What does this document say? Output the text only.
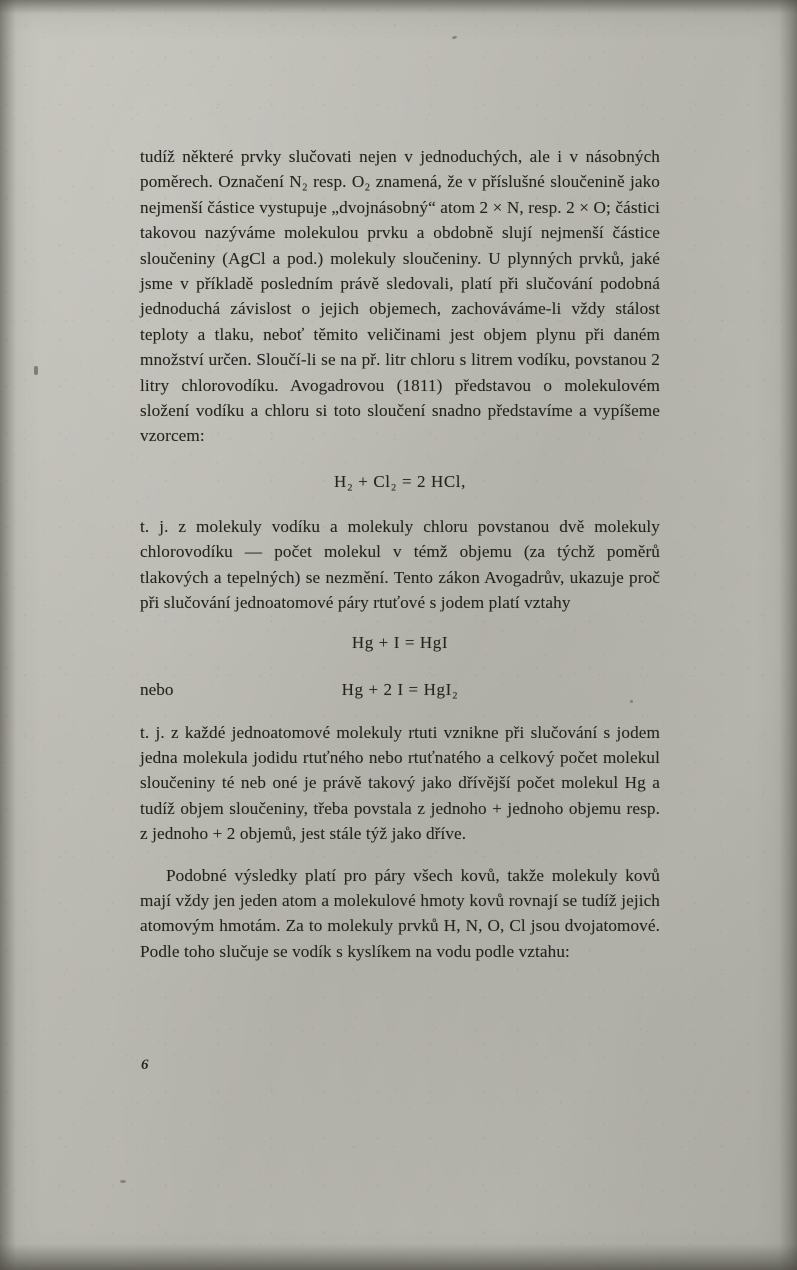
tudíž některé prvky slučovati nejen v jednoduchých, ale i v násobných poměrech. Označení N₂ resp. O₂ znamená, že v příslušné sloučenině jako nejmenší částice vystupuje „dvojnásobný“ atom 2 × N, resp. 2 × O; částici takovou nazýváme molekulou prvku a obdobně slují nejmenší částice sloučeniny (AgCl a pod.) molekuly sloučeniny. U plynných prvků, jaké jsme v příkladě posledním právě sledovali, platí při slučování podobná jednoduchá závislost o jejich objemech, zachováváme-li vždy stálost teploty a tlaku, neboť těmito veličinami jest objem plynu při daném množství určen. Sloučí-li se na př. litr chloru s litrem vodíku, povstanou 2 litry chlorovodíku. Avogadrovou (1811) představou o molekulovém složení vodíku a chloru si toto sloučení snadno představíme a vypíšeme vzorcem:

H₂ + Cl₂ = 2 HCl,

t. j. z molekuly vodíku a molekuly chloru povstanou dvě molekuly chlorovodíku — počet molekul v témž objemu (za týchž poměrů tlakových a tepelných) se nezmění. Tento zákon Avogadrův, ukazuje proč při slučování jednoatomové páry rtuťové s jodem platí vztahy

Hg + I = HgI

nebo	Hg + 2 I = HgI₂

t. j. z každé jednoatomové molekuly rtuti vznikne při slučování s jodem jedna molekula jodidu rtuťného nebo rtuťnatého a celkový počet molekul sloučeniny té neb oné je právě takový jako dřívější počet molekul Hg a tudíž objem sloučeniny, třeba povstala z jednoho + jednoho objemu resp. z jednoho + 2 objemů, jest stále týž jako dříve.

Podobné výsledky platí pro páry všech kovů, takže molekuly kovů mají vždy jen jeden atom a molekulové hmoty kovů rovnají se tudíž jejich atomovým hmotám. Za to molekuly prvků H, N, O, Cl jsou dvojatomové. Podle toho slučuje se vodík s kyslíkem na vodu podle vztahu:

6
